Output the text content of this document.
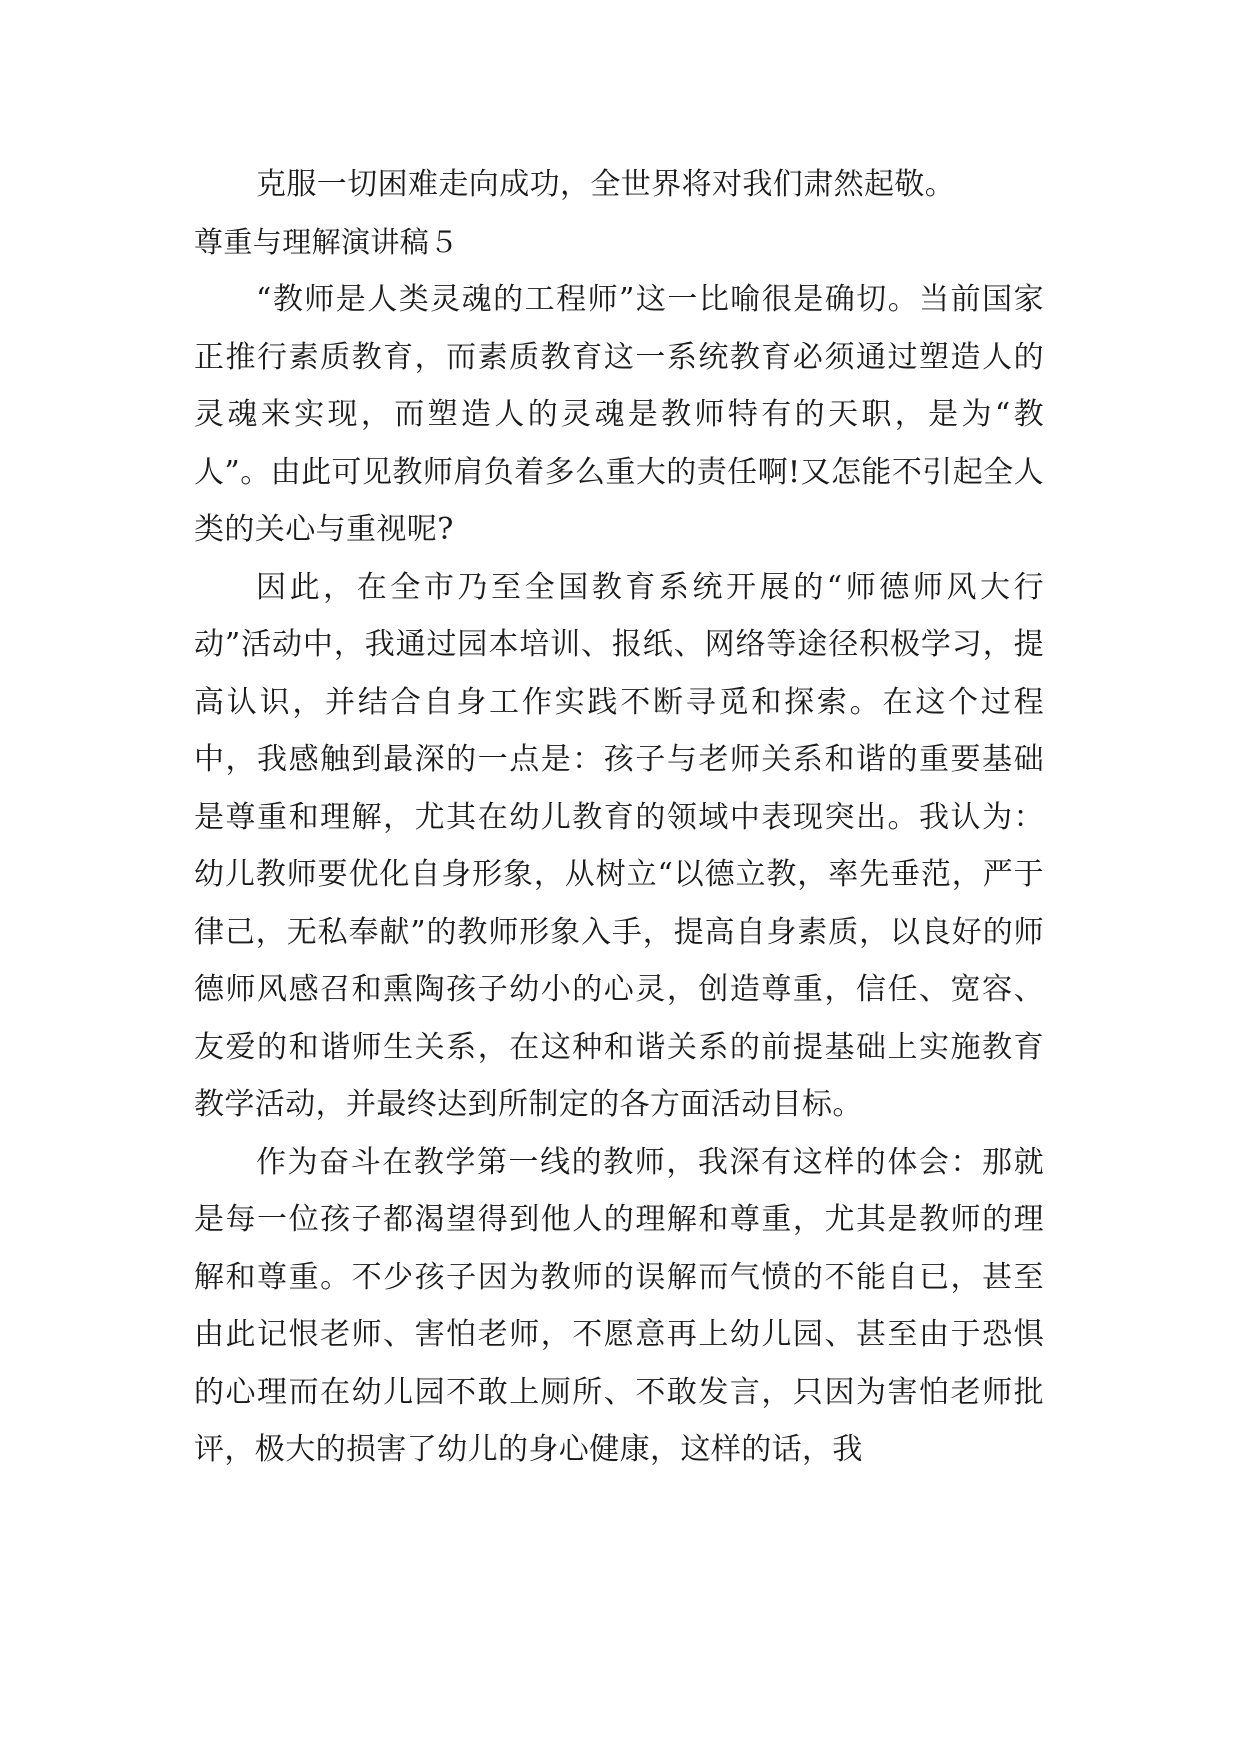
克服一切困难走向成功，全世界将对我们肃然起敬。

尊重与理解演讲稿５

“教师是人类灵魂的工程师”这一比喻很是确切。当前国家正推行素质教育，而素质教育这一系统教育必须通过塑造人的灵魂来实现，而塑造人的灵魂是教师特有的天职，是为“教人”。由此可见教师肩负着多么重大的责任啊!又怎能不引起全人类的关心与重视呢?

因此，在全市乃至全国教育系统开展的“师德师风大行动”活动中，我通过园本培训、报纸、网络等途径积极学习，提高认识，并结合自身工作实践不断寻觅和探索。在这个过程中，我感触到最深的一点是：孩子与老师关系和谐的重要基础是尊重和理解，尤其在幼儿教育的领域中表现突出。我认为：幼儿教师要优化自身形象，从树立“以德立教，率先垂范，严于律己，无私奉献”的教师形象入手，提高自身素质，以良好的师德师风感召和熏陶孩子幼小的心灵，创造尊重，信任、宽容、友爱的和谐师生关系，在这种和谐关系的前提基础上实施教育教学活动，并最终达到所制定的各方面活动目标。

作为奋斗在教学第一线的教师，我深有这样的体会：那就是每一位孩子都渴望得到他人的理解和尊重，尤其是教师的理解和尊重。不少孩子因为教师的误解而气愤的不能自已，甚至由此记恨老师、害怕老师，不愿意再上幼儿园、甚至由于恐惧的心理而在幼儿园不敢上厕所、不敢发言，只因为害怕老师批评，极大的损害了幼儿的身心健康，这样的话，我
